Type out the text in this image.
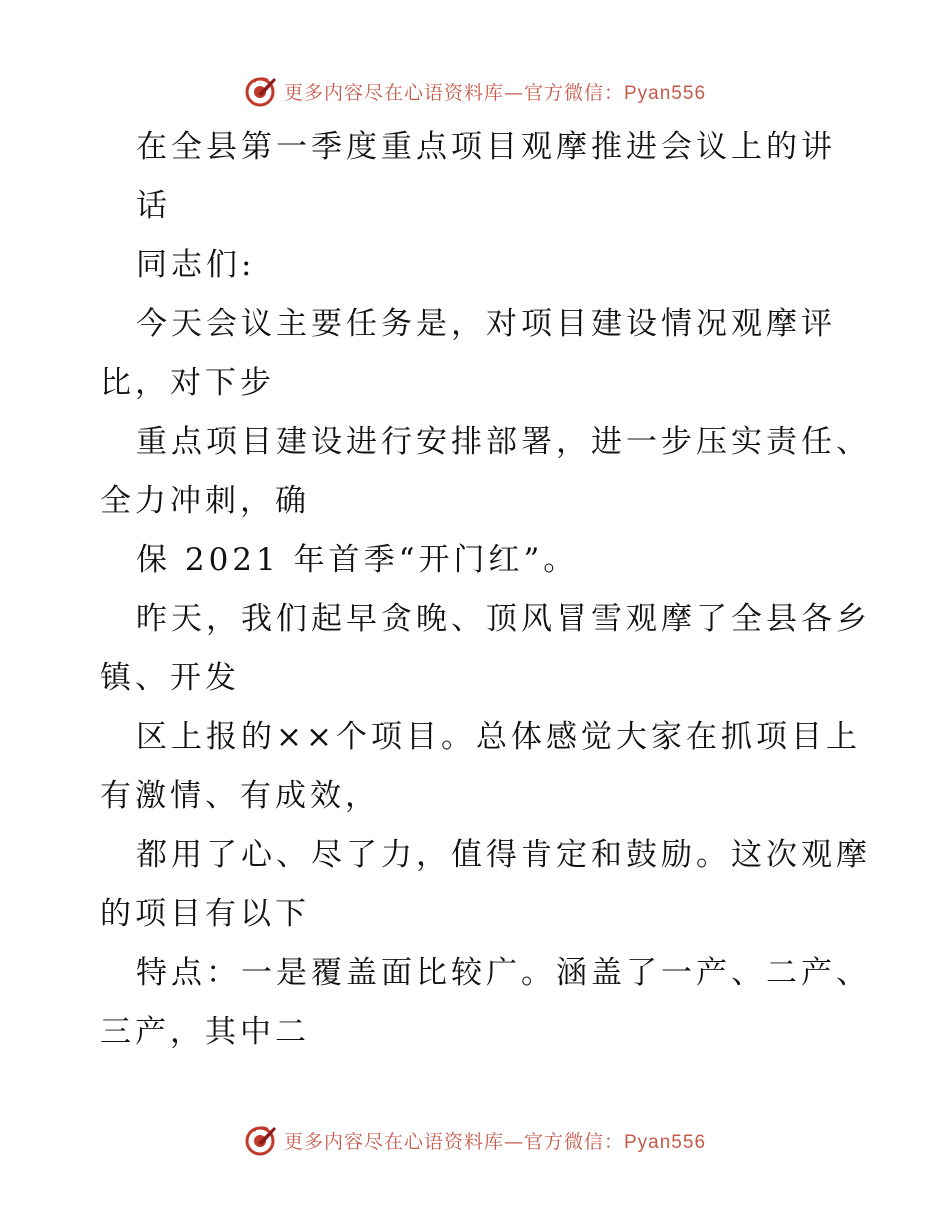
更多内容尽在心语资料库—官方微信：Pyan556
在全县第一季度重点项目观摩推进会议上的讲
话
同志们:
今天会议主要任务是，对项目建设情况观摩评
比，对下步
重点项目建设进行安排部署，进一步压实责任、
全力冲刺，确
保 2021 年首季“开门红”。
昨天，我们起早贪晚、顶风冒雪观摩了全县各乡
镇、开发
区上报的××个项目。总体感觉大家在抓项目上
有激情、有成效，
都用了心、尽了力，值得肯定和鼓励。这次观摩
的项目有以下
特点：一是覆盖面比较广。涵盖了一产、二产、
三产，其中二
更多内容尽在心语资料库—官方微信：Pyan556
